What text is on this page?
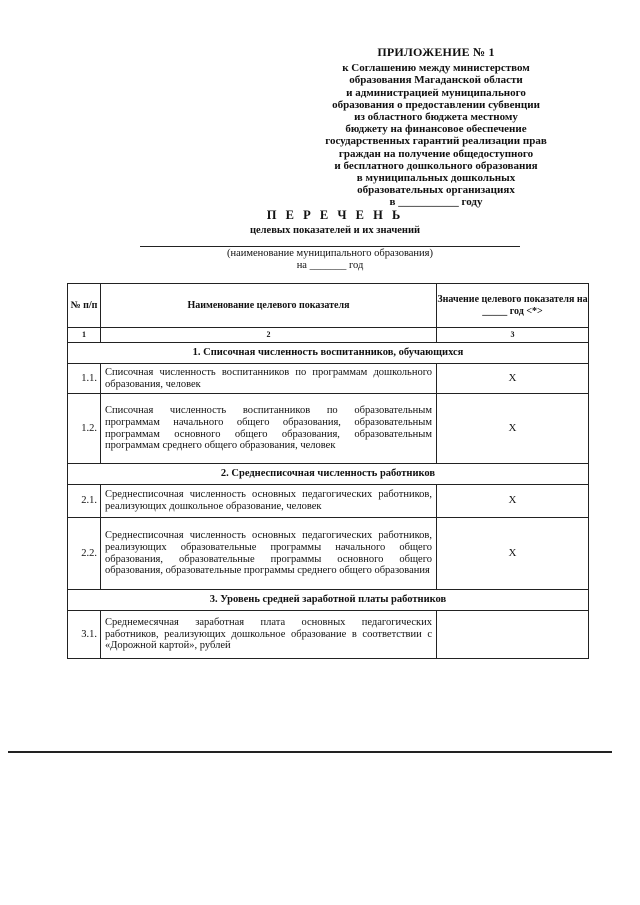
ПРИЛОЖЕНИЕ № 1
к Соглашению между министерством
образования Магаданской области
и администрацией муниципального
образования о предоставлении субвенции
из областного бюджета местному
бюджету на финансовое обеспечение
государственных гарантий реализации прав
граждан на получение общедоступного
и бесплатного дошкольного образования
в муниципальных дошкольных
образовательных организациях
в ___________ году
П Е Р Е Ч Е Н Ь
целевых показателей и их значений
(наименование муниципального образования)
на _______ год
№ п/п	Наименование целевого показателя	Значение целевого показателя на _____ год <*>
1	2	3
1. Списочная численность воспитанников, обучающихся		
1.1.	Списочная численность воспитанников по программам дошкольного образования, человек	Х
1.2.	Списочная численность воспитанников по образовательным программам начального общего образования, образовательным программам основного общего образования, образовательным программам среднего общего образования, человек	Х
2. Среднесписочная численность работников		
2.1.	Среднесписочная численность основных педагогических работников, реализующих дошкольное образование, человек	Х
2.2.	Среднесписочная численность основных педагогических работников, реализующих образовательные программы начального общего образования, образовательные программы основного общего образования, образовательные программы среднего общего образования	Х
3. Уровень средней заработной платы работников		
3.1.	Среднемесячная заработная плата основных педагогических работников, реализующих дошкольное образование в соответствии с «Дорожной картой», рублей	
